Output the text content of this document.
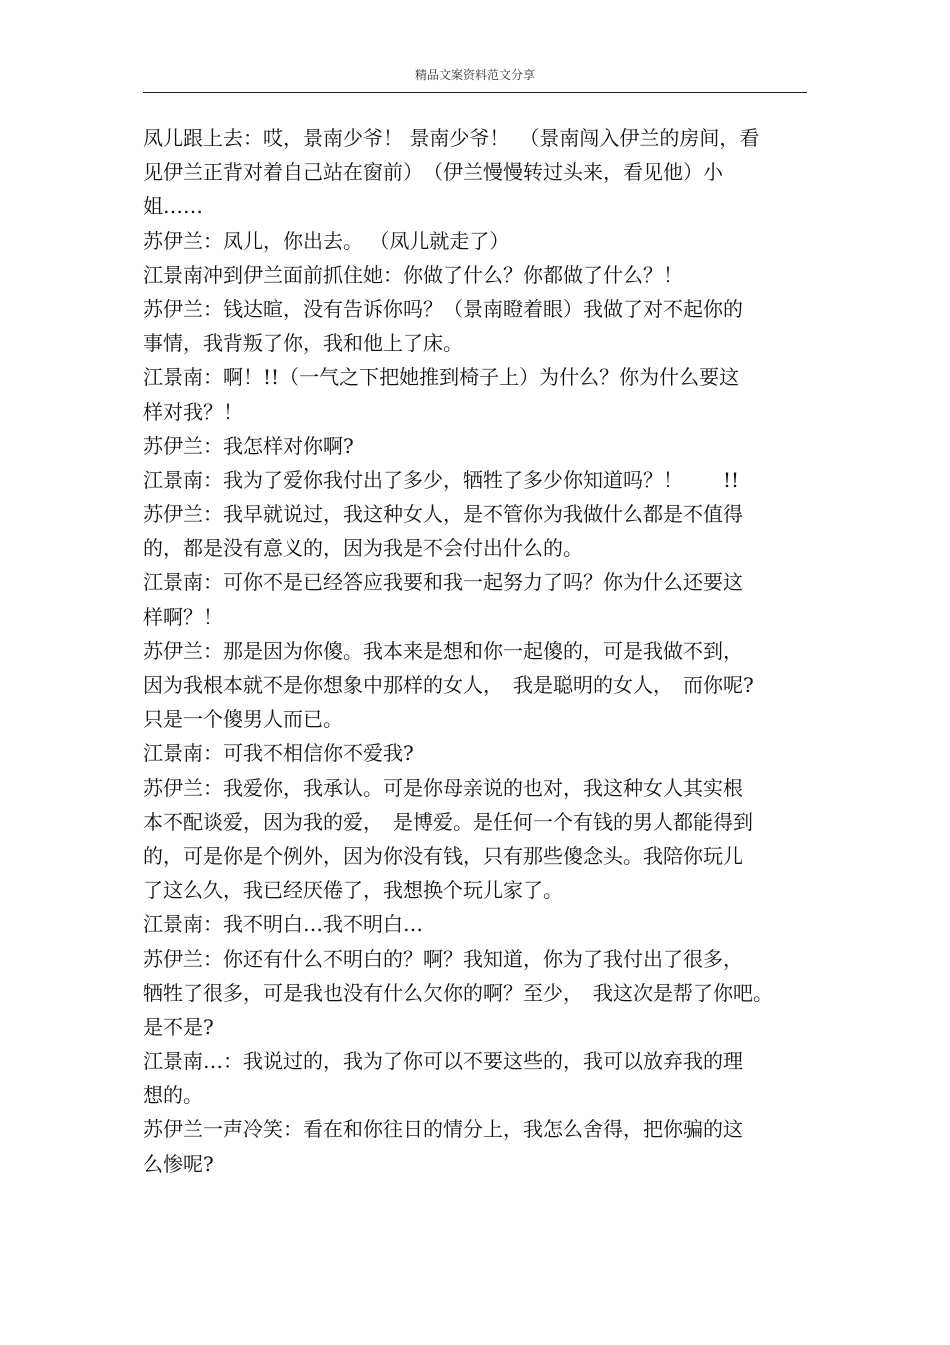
精品文案资料范文分享
凤儿跟上去：哎，景南少爷！ 景南少爷！　（景南闯入伊兰的房间，看
见伊兰正背对着自己站在窗前）　（伊兰慢慢转过头来，看见他）小
姐……
苏伊兰：凤儿，你出去。 （凤儿就走了）
江景南冲到伊兰面前抓住她：你做了什么？你都做了什么？！
苏伊兰：钱达暄，没有告诉你吗？（景南瞪着眼）我做了对不起你的
事情，我背叛了你，我和他上了床。
江景南：啊！!!（一气之下把她推到椅子上）为什么？你为什么要这
样对我？！
苏伊兰：我怎样对你啊?
江景南：我为了爱你我付出了多少，牺牲了多少你知道吗？！　　!!
苏伊兰：我早就说过，我这种女人，是不管你为我做什么都是不值得
的，都是没有意义的，因为我是不会付出什么的。
江景南：可你不是已经答应我要和我一起努力了吗？你为什么还要这
样啊？！
苏伊兰：那是因为你傻。我本来是想和你一起傻的，可是我做不到，
因为我根本就不是你想象中那样的女人，　我是聪明的女人，　而你呢?
只是一个傻男人而已。
江景南：可我不相信你不爱我?
苏伊兰：我爱你，我承认。可是你母亲说的也对，我这种女人其实根
本不配谈爱，因为我的爱，　是博爱。是任何一个有钱的男人都能得到
的，可是你是个例外，因为你没有钱，只有那些傻念头。我陪你玩儿
了这么久，我已经厌倦了，我想换个玩儿家了。
江景南：我不明白…我不明白…
苏伊兰：你还有什么不明白的？啊？我知道，你为了我付出了很多，
牺牲了很多，可是我也没有什么欠你的啊？至少，　我这次是帮了你吧。
是不是?
江景南…：我说过的，我为了你可以不要这些的，我可以放弃我的理
想的。
苏伊兰一声冷笑：看在和你往日的情分上，我怎么舍得，把你骗的这
么惨呢?
